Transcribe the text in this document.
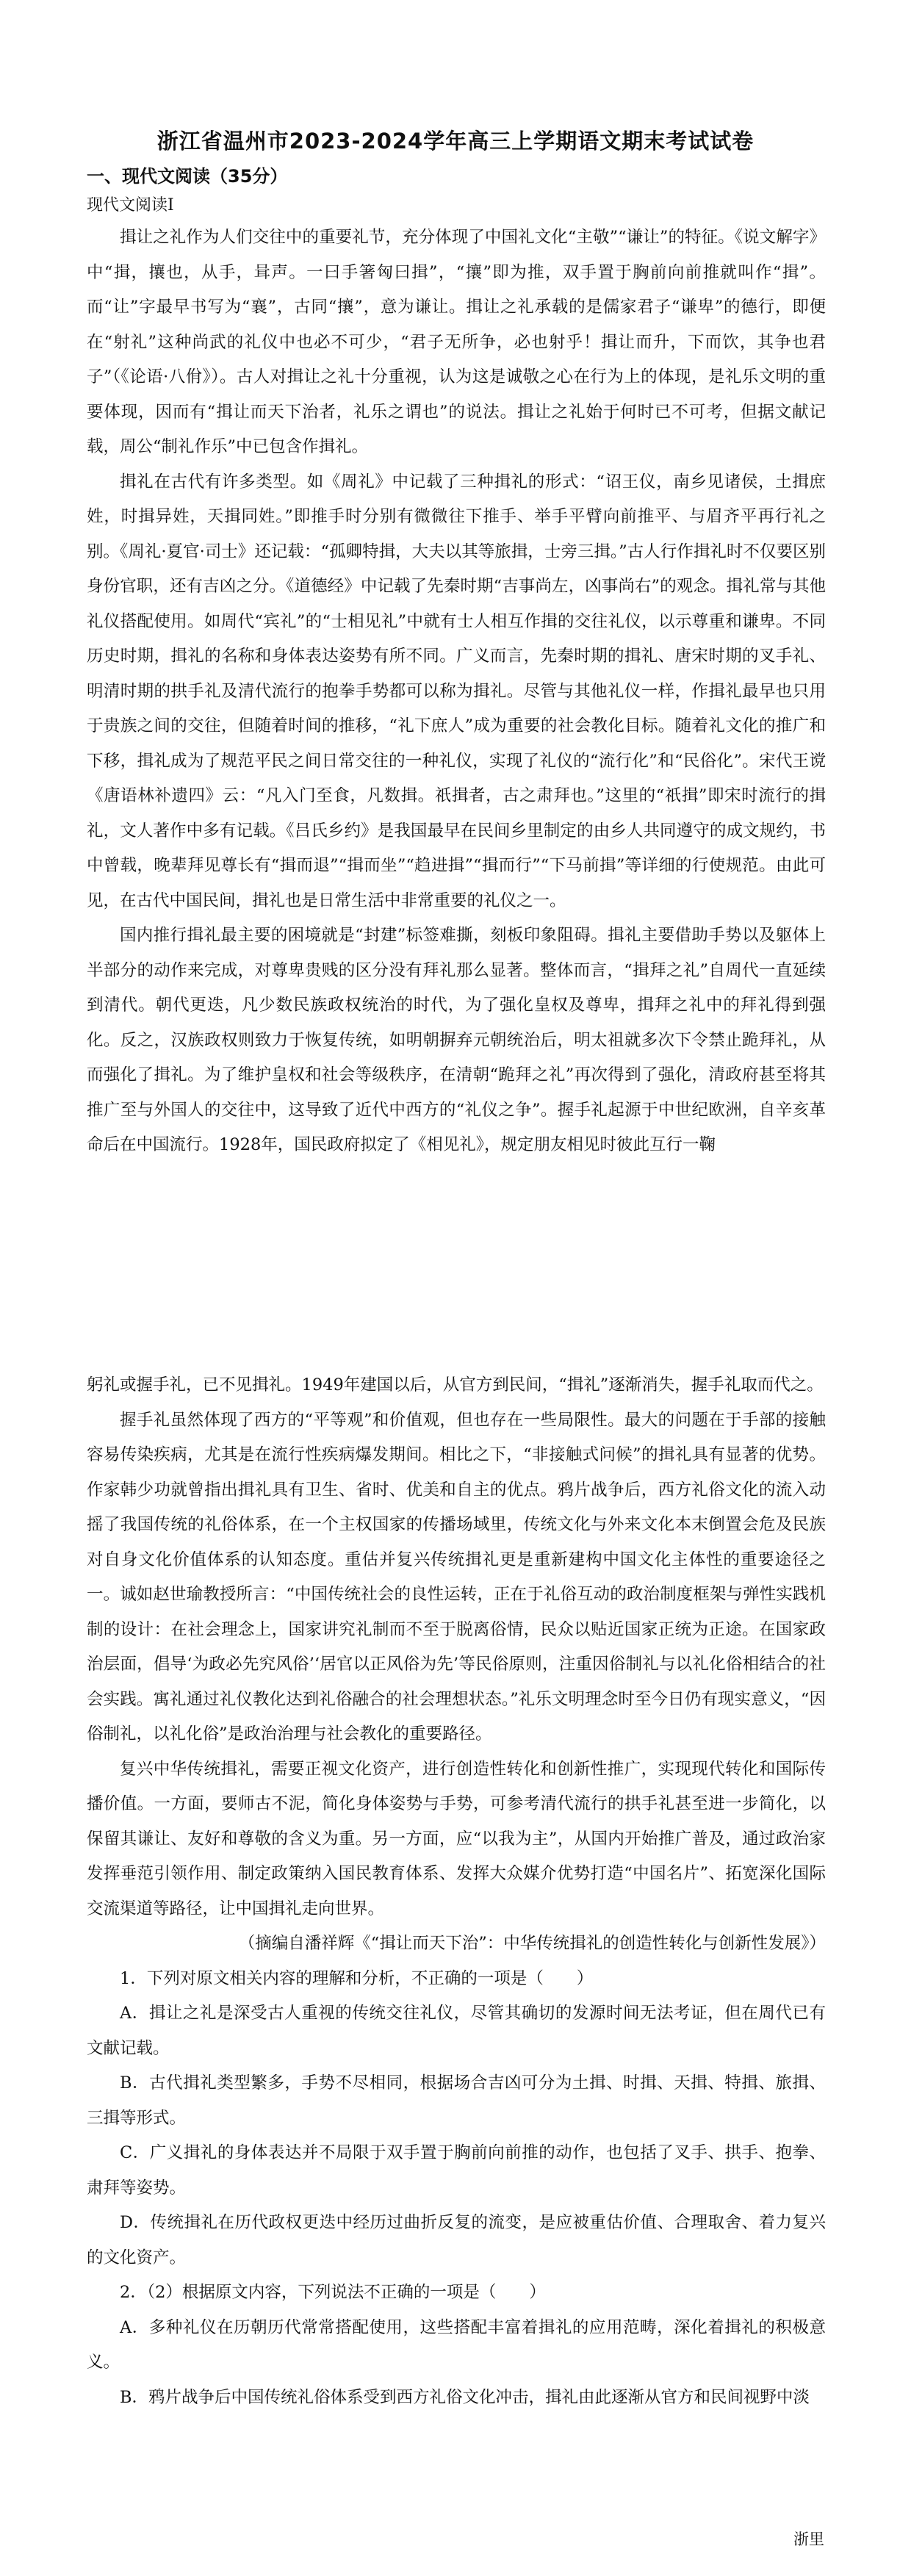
浙江省温州市2023-2024学年高三上学期语文期末考试试卷
一、现代文阅读（35分）
现代文阅读Ⅰ

揖让之礼作为人们交往中的重要礼节，充分体现了中国礼文化“主敬”“谦让”的特征。《说文解字》中“揖，攘也，从手，咠声。一曰手箸匈曰揖”，“攘”即为推，双手置于胸前向前推就叫作“揖”。而“让”字最早书写为“襄”，古同“攘”，意为谦让。揖让之礼承载的是儒家君子“谦卑”的德行，即便在“射礼”这种尚武的礼仪中也必不可少，“君子无所争，必也射乎！揖让而升，下而饮，其争也君子”（《论语·八佾》）。古人对揖让之礼十分重视，认为这是诚敬之心在行为上的体现，是礼乐文明的重要体现，因而有“揖让而天下治者，礼乐之谓也”的说法。揖让之礼始于何时已不可考，但据文献记载，周公“制礼作乐”中已包含作揖礼。

揖礼在古代有许多类型。如《周礼》中记载了三种揖礼的形式：“诏王仪，南乡见诸侯，土揖庶姓，时揖异姓，天揖同姓。”即推手时分别有微微往下推手、举手平臂向前推平、与眉齐平再行礼之别。《周礼·夏官·司士》还记载：“孤卿特揖，大夫以其等旅揖，士旁三揖。”古人行作揖礼时不仅要区别身份官职，还有吉凶之分。《道德经》中记载了先秦时期“吉事尚左，凶事尚右”的观念。揖礼常与其他礼仪搭配使用。如周代“宾礼”的“士相见礼”中就有士人相互作揖的交往礼仪，以示尊重和谦卑。不同历史时期，揖礼的名称和身体表达姿势有所不同。广义而言，先秦时期的揖礼、唐宋时期的叉手礼、明清时期的拱手礼及清代流行的抱拳手势都可以称为揖礼。尽管与其他礼仪一样，作揖礼最早也只用于贵族之间的交往，但随着时间的推移，“礼下庶人”成为重要的社会教化目标。随着礼文化的推广和下移，揖礼成为了规范平民之间日常交往的一种礼仪，实现了礼仪的“流行化”和“民俗化”。宋代王谠《唐语林补遗四》云：“凡入门至食，凡数揖。祇揖者，古之肃拜也。”这里的“祇揖”即宋时流行的揖礼，文人著作中多有记载。《吕氏乡约》是我国最早在民间乡里制定的由乡人共同遵守的成文规约，书中曾载，晚辈拜见尊长有“揖而退”“揖而坐”“趋进揖”“揖而行”“下马前揖”等详细的行使规范。由此可见，在古代中国民间，揖礼也是日常生活中非常重要的礼仪之一。

国内推行揖礼最主要的困境就是“封建”标签难撕，刻板印象阻碍。揖礼主要借助手势以及躯体上半部分的动作来完成，对尊卑贵贱的区分没有拜礼那么显著。整体而言，“揖拜之礼”自周代一直延续到清代。朝代更迭，凡少数民族政权统治的时代，为了强化皇权及尊卑，揖拜之礼中的拜礼得到强化。反之，汉族政权则致力于恢复传统，如明朝摒弃元朝统治后，明太祖就多次下令禁止跪拜礼，从而强化了揖礼。为了维护皇权和社会等级秩序，在清朝“跪拜之礼”再次得到了强化，清政府甚至将其推广至与外国人的交往中，这导致了近代中西方的“礼仪之争”。握手礼起源于中世纪欧洲，自辛亥革命后在中国流行。1928年，国民政府拟定了《相见礼》，规定朋友相见时彼此互行一鞠

躬礼或握手礼，已不见揖礼。1949年建国以后，从官方到民间，“揖礼”逐渐消失，握手礼取而代之。

握手礼虽然体现了西方的“平等观”和价值观，但也存在一些局限性。最大的问题在于手部的接触容易传染疾病，尤其是在流行性疾病爆发期间。相比之下，“非接触式问候”的揖礼具有显著的优势。作家韩少功就曾指出揖礼具有卫生、省时、优美和自主的优点。鸦片战争后，西方礼俗文化的流入动摇了我国传统的礼俗体系，在一个主权国家的传播场域里，传统文化与外来文化本末倒置会危及民族对自身文化价值体系的认知态度。重估并复兴传统揖礼更是重新建构中国文化主体性的重要途径之一。诚如赵世瑜教授所言：“中国传统社会的良性运转，正在于礼俗互动的政治制度框架与弹性实践机制的设计：在社会理念上，国家讲究礼制而不至于脱离俗情，民众以贴近国家正统为正途。在国家政治层面，倡导‘为政必先究风俗’‘居官以正风俗为先’等民俗原则，注重因俗制礼与以礼化俗相结合的社会实践。寓礼通过礼仪教化达到礼俗融合的社会理想状态。”礼乐文明理念时至今日仍有现实意义，“因俗制礼，以礼化俗”是政治治理与社会教化的重要路径。

复兴中华传统揖礼，需要正视文化资产，进行创造性转化和创新性推广，实现现代转化和国际传播价值。一方面，要师古不泥，简化身体姿势与手势，可参考清代流行的拱手礼甚至进一步简化，以保留其谦让、友好和尊敬的含义为重。另一方面，应“以我为主”，从国内开始推广普及，通过政治家发挥垂范引领作用、制定政策纳入国民教育体系、发挥大众媒介优势打造“中国名片”、拓宽深化国际交流渠道等路径，让中国揖礼走向世界。

（摘编自潘祥辉《“揖让而天下治”：中华传统揖礼的创造性转化与创新性发展》）

1．下列对原文相关内容的理解和分析，不正确的一项是（　　）

A．揖让之礼是深受古人重视的传统交往礼仪，尽管其确切的发源时间无法考证，但在周代已有文献记载。

B．古代揖礼类型繁多，手势不尽相同，根据场合吉凶可分为土揖、时揖、天揖、特揖、旅揖、三揖等形式。

C．广义揖礼的身体表达并不局限于双手置于胸前向前推的动作，也包括了叉手、拱手、抱拳、肃拜等姿势。

D．传统揖礼在历代政权更迭中经历过曲折反复的流变，是应被重估价值、合理取舍、着力复兴的文化资产。

2．（2）根据原文内容，下列说法不正确的一项是（　　）

A．多种礼仪在历朝历代常常搭配使用，这些搭配丰富着揖礼的应用范畴，深化着揖礼的积极意义。

B．鸦片战争后中国传统礼俗体系受到西方礼俗文化冲击，揖礼由此逐渐从官方和民间视野中淡

浙里
